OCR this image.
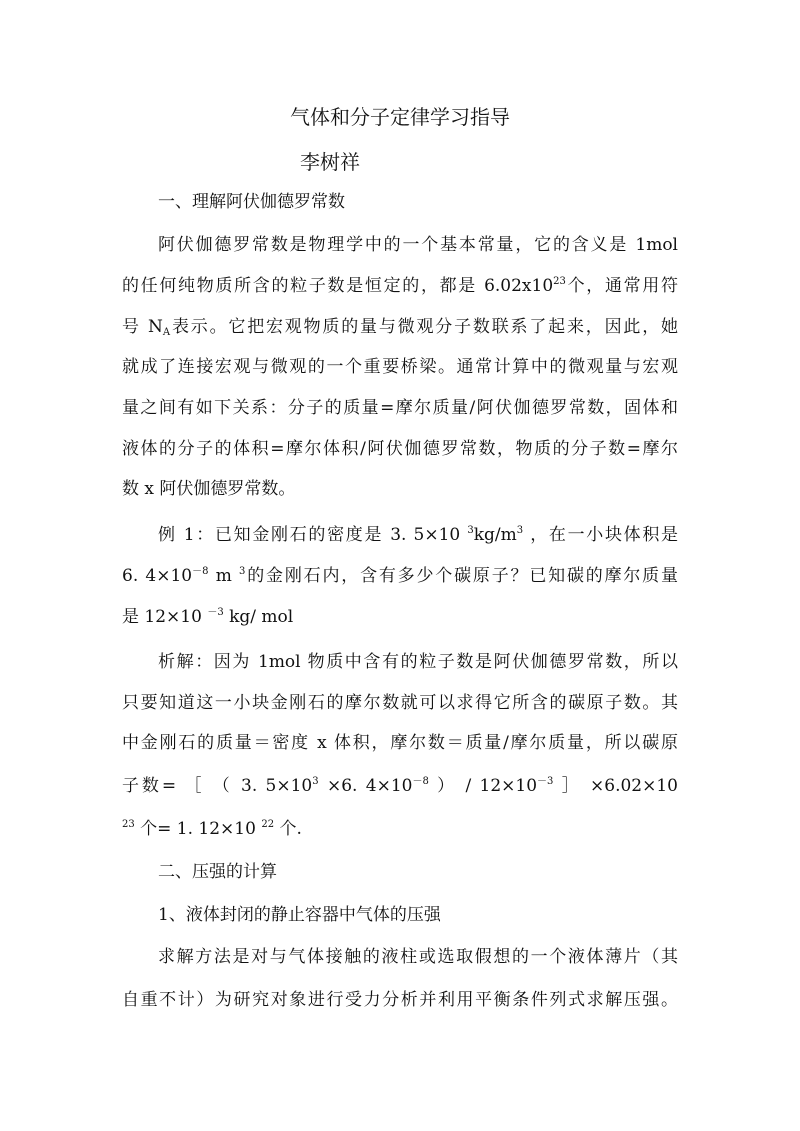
气体和分子定律学习指导
李树祥
一、理解阿伏伽德罗常数
阿伏伽德罗常数是物理学中的一个基本常量，它的含义是 1mol
的任何纯物质所含的粒子数是恒定的，都是 $6.02x10^{23}$个，通常用符
号 $N_A$表示。它把宏观物质的量与微观分子数联系了起来，因此，她
就成了连接宏观与微观的一个重要桥梁。通常计算中的微观量与宏观
量之间有如下关系：分子的质量=摩尔质量/阿伏伽德罗常数，固体和
液体的分子的体积=摩尔体积/阿伏伽德罗常数，物质的分子数=摩尔
数 x 阿伏伽德罗常数。
例 1：已知金刚石的密度是 3. 5×10 $^3kg/m^3$ ，在一小块体积是
6. $4\times 10^{-8}$ m $^3$的金刚石内，含有多少个碳原子？已知碳的摩尔质量
是 12×10 $^{-3}$ kg/ mol
析解：因为 1mol 物质中含有的粒子数是阿伏伽德罗常数，所以
只要知道这一小块金刚石的摩尔数就可以求得它所含的碳原子数。其
中金刚石的质量＝密度 x 体积，摩尔数＝质量/摩尔质量，所以碳原
子数= ［ （ 3. $5\times 10^3 \times 6$. $4\times 10^{-8}$ ） / $12\times 10^{-3}$ ］ ×6.02×10
$^{23}$ 个= 1. 12×10 $^{22}$ 个.
二、压强的计算
1、液体封闭的静止容器中气体的压强
求解方法是对与气体接触的液柱或选取假想的一个液体薄片（其
自重不计）为研究对象进行受力分析并利用平衡条件列式求解压强。
